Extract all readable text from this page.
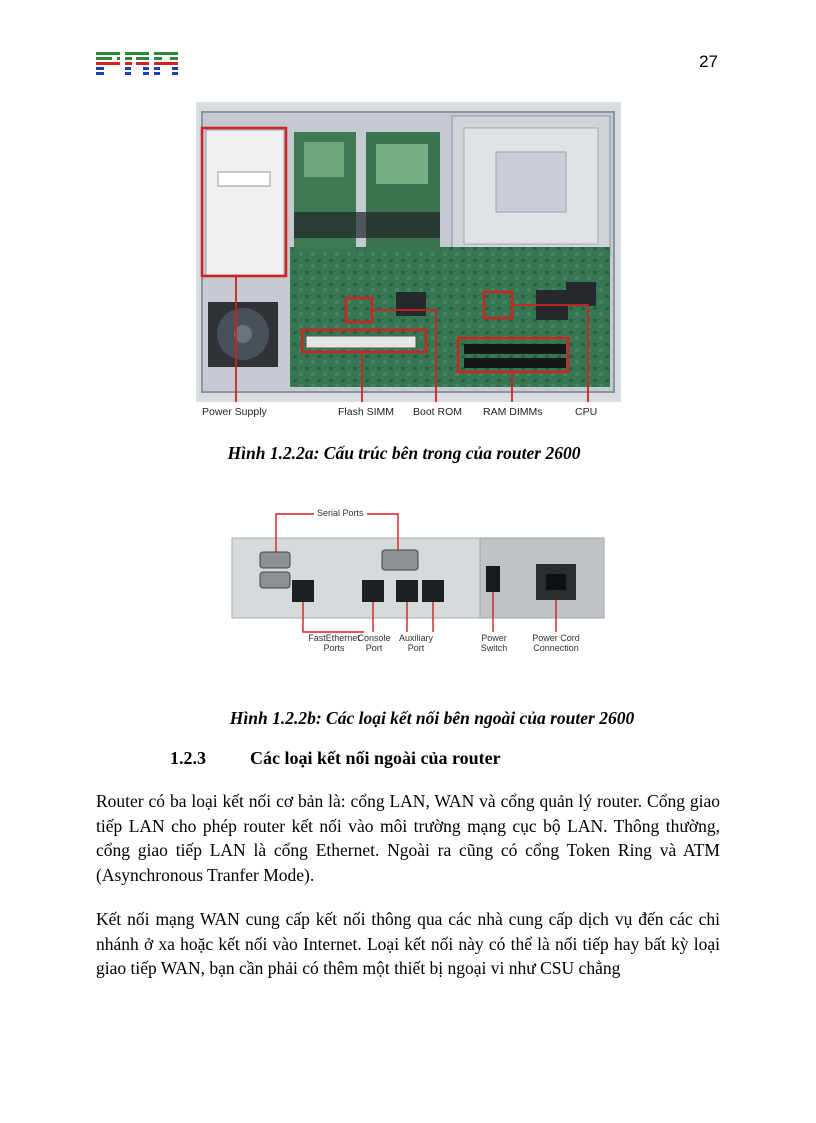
27
Power Supply	Flash SIMM Boot ROM RAM DIMMs	CPU
Hình 1.2.2a: Cấu trúc bên trong của router 2600
Serial Ports
FastEthernet
Ports
Console
Port
Auxiliary
Port
Power
Switch
Power Cord
Connection
Hình 1.2.2b: Các loại kết nối bên ngoài của router 2600
1.2.3 Các loại kết nối ngoài của router

Router có ba loại kết nối cơ bản là: cổng LAN, WAN và cổng quản lý router. Cổng giao tiếp LAN cho phép router kết nối vào môi trường mạng cục bộ LAN. Thông thường, cổng giao tiếp LAN là cổng Ethernet. Ngoài ra cũng có cổng Token Ring và ATM (Asynchronous Tranfer Mode).

Kết nối mạng WAN cung cấp kết nối thông qua các nhà cung cấp dịch vụ đến các chi nhánh ở xa hoặc kết nối vào Internet. Loại kết nối này có thể là nối tiếp hay bất kỳ loại giao tiếp WAN, bạn cần phải có thêm một thiết bị ngoại vi như CSU chẳng
